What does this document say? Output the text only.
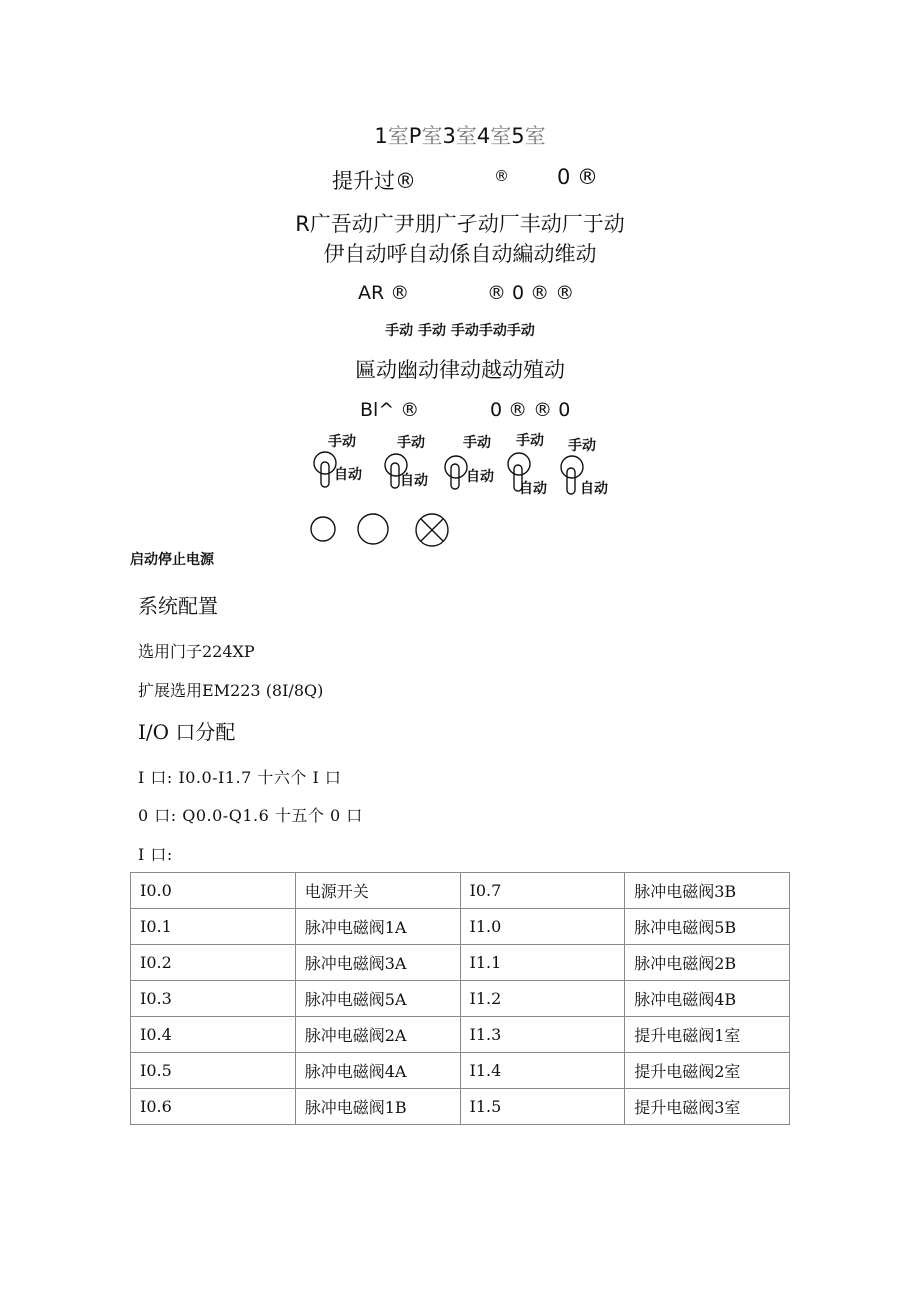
1室P室3室4室5室
提升过®	® 0 ®
R广吾动广尹朋广孑动厂丰动厂于动
伊自动呼自动係自动編动维动
AR ®	® 0 ® ®
手动 手动 手动手动手动
匾动幽动律动越动殖动
Bl^ ®	0 ® ® 0
手动	手动	手动 手动 手动
自动	自动	自动
自动 自动
启动停止电源
系统配置
选用门子224XP
扩展选用EM223 (8I/8Q)
I/O 口分配
I 口: I0.0-I1.7 十六个 I 口
0 口: Q0.0-Q1.6 十五个 0 口
I 口:
I0.0	电源开关	I0.7	脉冲电磁阀3B
I0.1	脉冲电磁阀1A	I1.0	脉冲电磁阀5B
I0.2	脉冲电磁阀3A	I1.1	脉冲电磁阀2B
I0.3	脉冲电磁阀5A	I1.2	脉冲电磁阀4B
I0.4	脉冲电磁阀2A	I1.3	提升电磁阀1室
I0.5	脉冲电磁阀4A	I1.4	提升电磁阀2室
I0.6	脉冲电磁阀1B	I1.5	提升电磁阀3室
